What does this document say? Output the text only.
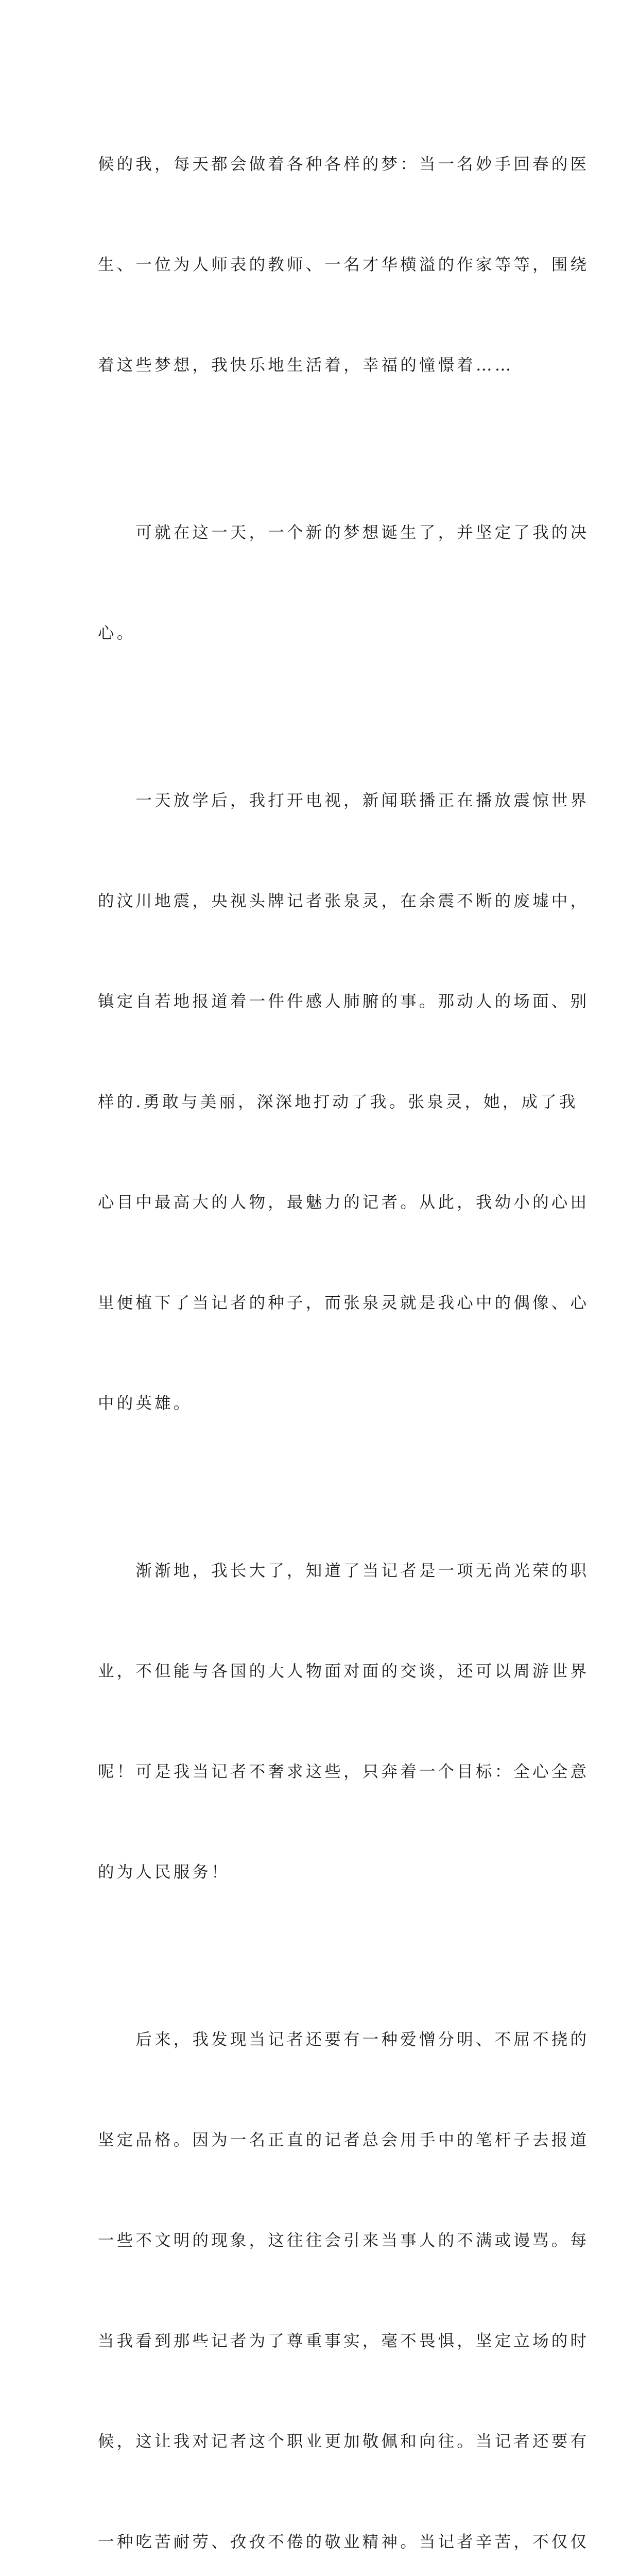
候的我，每天都会做着各种各样的梦：当一名妙手回春的医

生、一位为人师表的教师、一名才华横溢的作家等等，围绕

着这些梦想，我快乐地生活着，幸福的憧憬着……

　　可就在这一天，一个新的梦想诞生了，并坚定了我的决

心。

　　一天放学后，我打开电视，新闻联播正在播放震惊世界

的汶川地震，央视头牌记者张泉灵，在余震不断的废墟中，

镇定自若地报道着一件件感人肺腑的事。那动人的场面、别

样的.勇敢与美丽，深深地打动了我。张泉灵，她，成了我

心目中最高大的人物，最魅力的记者。从此，我幼小的心田

里便植下了当记者的种子，而张泉灵就是我心中的偶像、心

中的英雄。

　　渐渐地，我长大了，知道了当记者是一项无尚光荣的职

业，不但能与各国的大人物面对面的交谈，还可以周游世界

呢！可是我当记者不奢求这些，只奔着一个目标：全心全意

的为人民服务！

　　后来，我发现当记者还要有一种爱憎分明、不屈不挠的

坚定品格。因为一名正直的记者总会用手中的笔杆子去报道

一些不文明的现象，这往往会引来当事人的不满或谩骂。每

当我看到那些记者为了尊重事实，毫不畏惧，坚定立场的时

候，这让我对记者这个职业更加敬佩和向往。当记者还要有

一种吃苦耐劳、孜孜不倦的敬业精神。当记者辛苦，不仅仅
